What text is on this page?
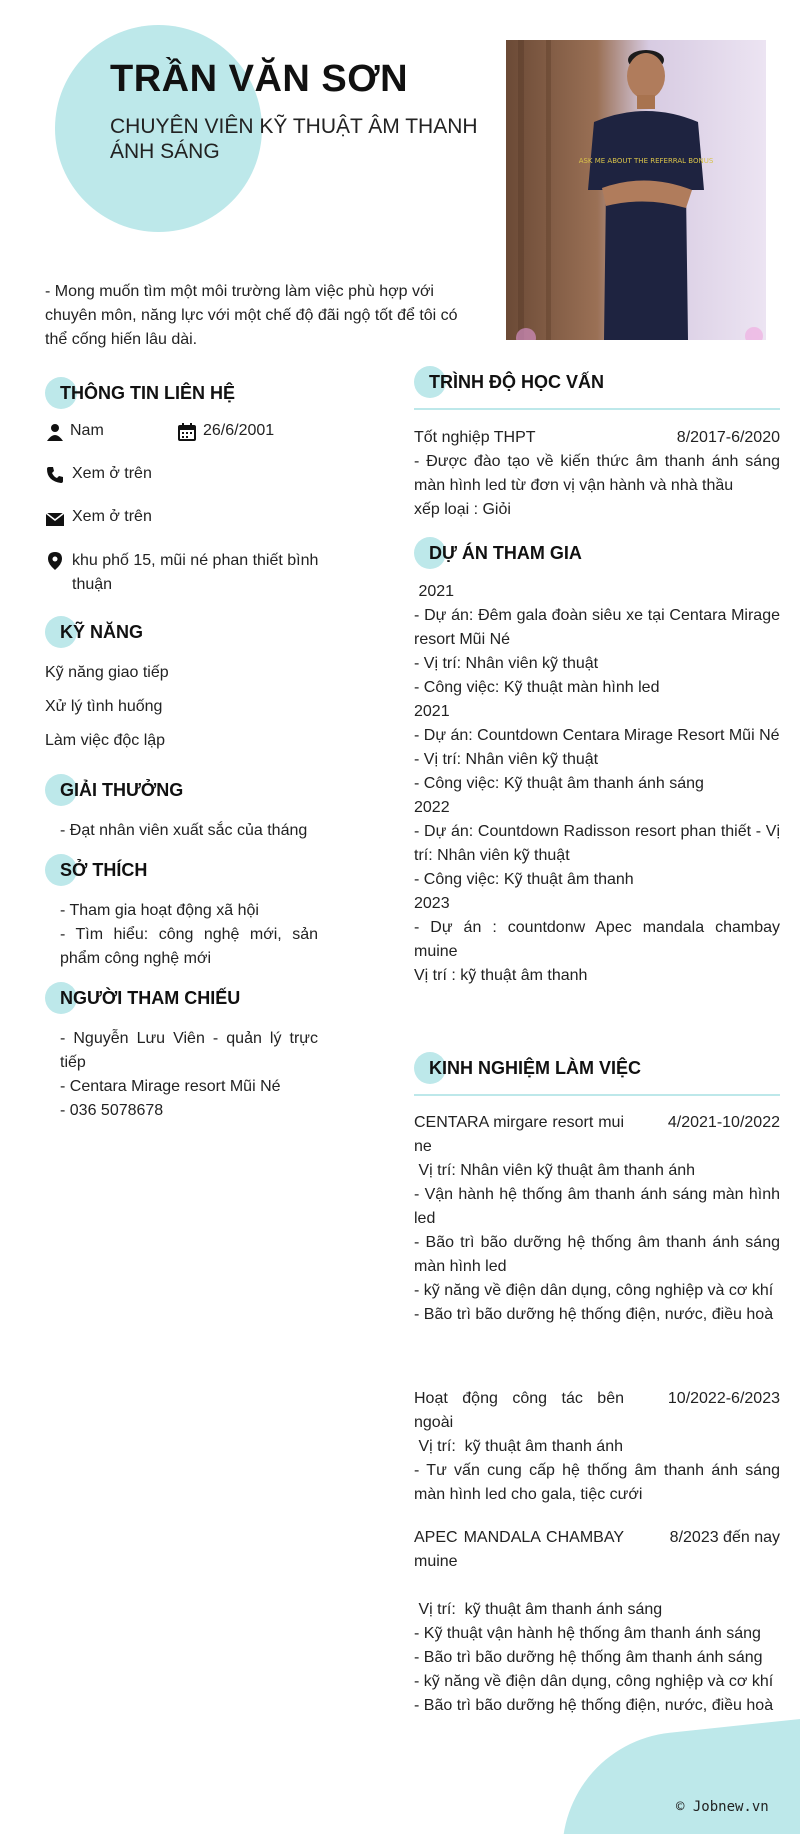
TRẦN VĂN SƠN
CHUYÊN VIÊN KỸ THUẬT ÂM THANH ÁNH SÁNG	ASK ME ABOUT THE REFERRAL BONUS
- Mong muốn tìm một môi trường làm việc phù hợp với chuyên môn, năng lực với một chế độ đãi ngộ tốt để tôi có thể cống hiến lâu dài.
THÔNG TIN LIÊN HỆ
Nam	26/6/2001
Xem ở trên
Xem ở trên
khu phố 15, mũi né phan thiết bình thuận
KỸ NĂNG
Kỹ năng giao tiếp
Xử lý tình huống
Làm việc độc lập
GIẢI THƯỞNG
- Đạt nhân viên xuất sắc của tháng
SỞ THÍCH
- Tham gia hoạt động xã hội
- Tìm hiểu: công nghệ mới, sản phẩm công nghệ mới
NGƯỜI THAM CHIẾU
- Nguyễn Lưu Viên - quản lý trực tiếp
- Centara Mirage resort Mũi Né
- 036 5078678
TRÌNH ĐỘ HỌC VẤN
Tốt nghiệp THPT	8/2017-6/2020
- Được đào tạo về kiến thức âm thanh ánh sáng màn hình led từ đơn vị vận hành và nhà thầu
xếp loại : Giỏi
DỰ ÁN THAM GIA
2021
- Dự án: Đêm gala đoàn siêu xe tại Centara Mirage resort Mũi Né
- Vị trí: Nhân viên kỹ thuật
- Công việc: Kỹ thuật màn hình led
2021
- Dự án: Countdown Centara Mirage Resort Mũi Né
- Vị trí: Nhân viên kỹ thuật
- Công việc: Kỹ thuật âm thanh ánh sáng
2022
- Dự án: Countdown Radisson resort phan thiết - Vị trí: Nhân viên kỹ thuật
- Công việc: Kỹ thuật âm thanh
2023
- Dự án : countdonw Apec mandala chambay muine
Vị trí : kỹ thuật âm thanh
KINH NGHIỆM LÀM VIỆC
CENTARA mirgare resort mui ne
4/2021-10/2022
Vị trí: Nhân viên kỹ thuật âm thanh ánh
- Vận hành hệ thống âm thanh ánh sáng màn hình led
- Bão trì bão dưỡng hệ thống âm thanh ánh sáng màn hình led
- kỹ năng về điện dân dụng, công nghiệp và cơ khí
- Bão trì bão dưỡng hệ thống điện, nước, điều hoà
Hoạt động công tác bên ngoài
10/2022-6/2023
Vị trí:  kỹ thuật âm thanh ánh
- Tư vấn cung cấp hệ thống âm thanh ánh sáng màn hình led cho gala, tiệc cưới
APEC MANDALA CHAMBAY muine
8/2023 đến nay
Vị trí:  kỹ thuật âm thanh ánh sáng
- Kỹ thuật vận hành hệ thống âm thanh ánh sáng
- Bão trì bão dưỡng hệ thống âm thanh ánh sáng
- kỹ năng về điện dân dụng, công nghiệp và cơ khí
- Bão trì bão dưỡng hệ thống điện, nước, điều hoà
© Jobnew.vn
